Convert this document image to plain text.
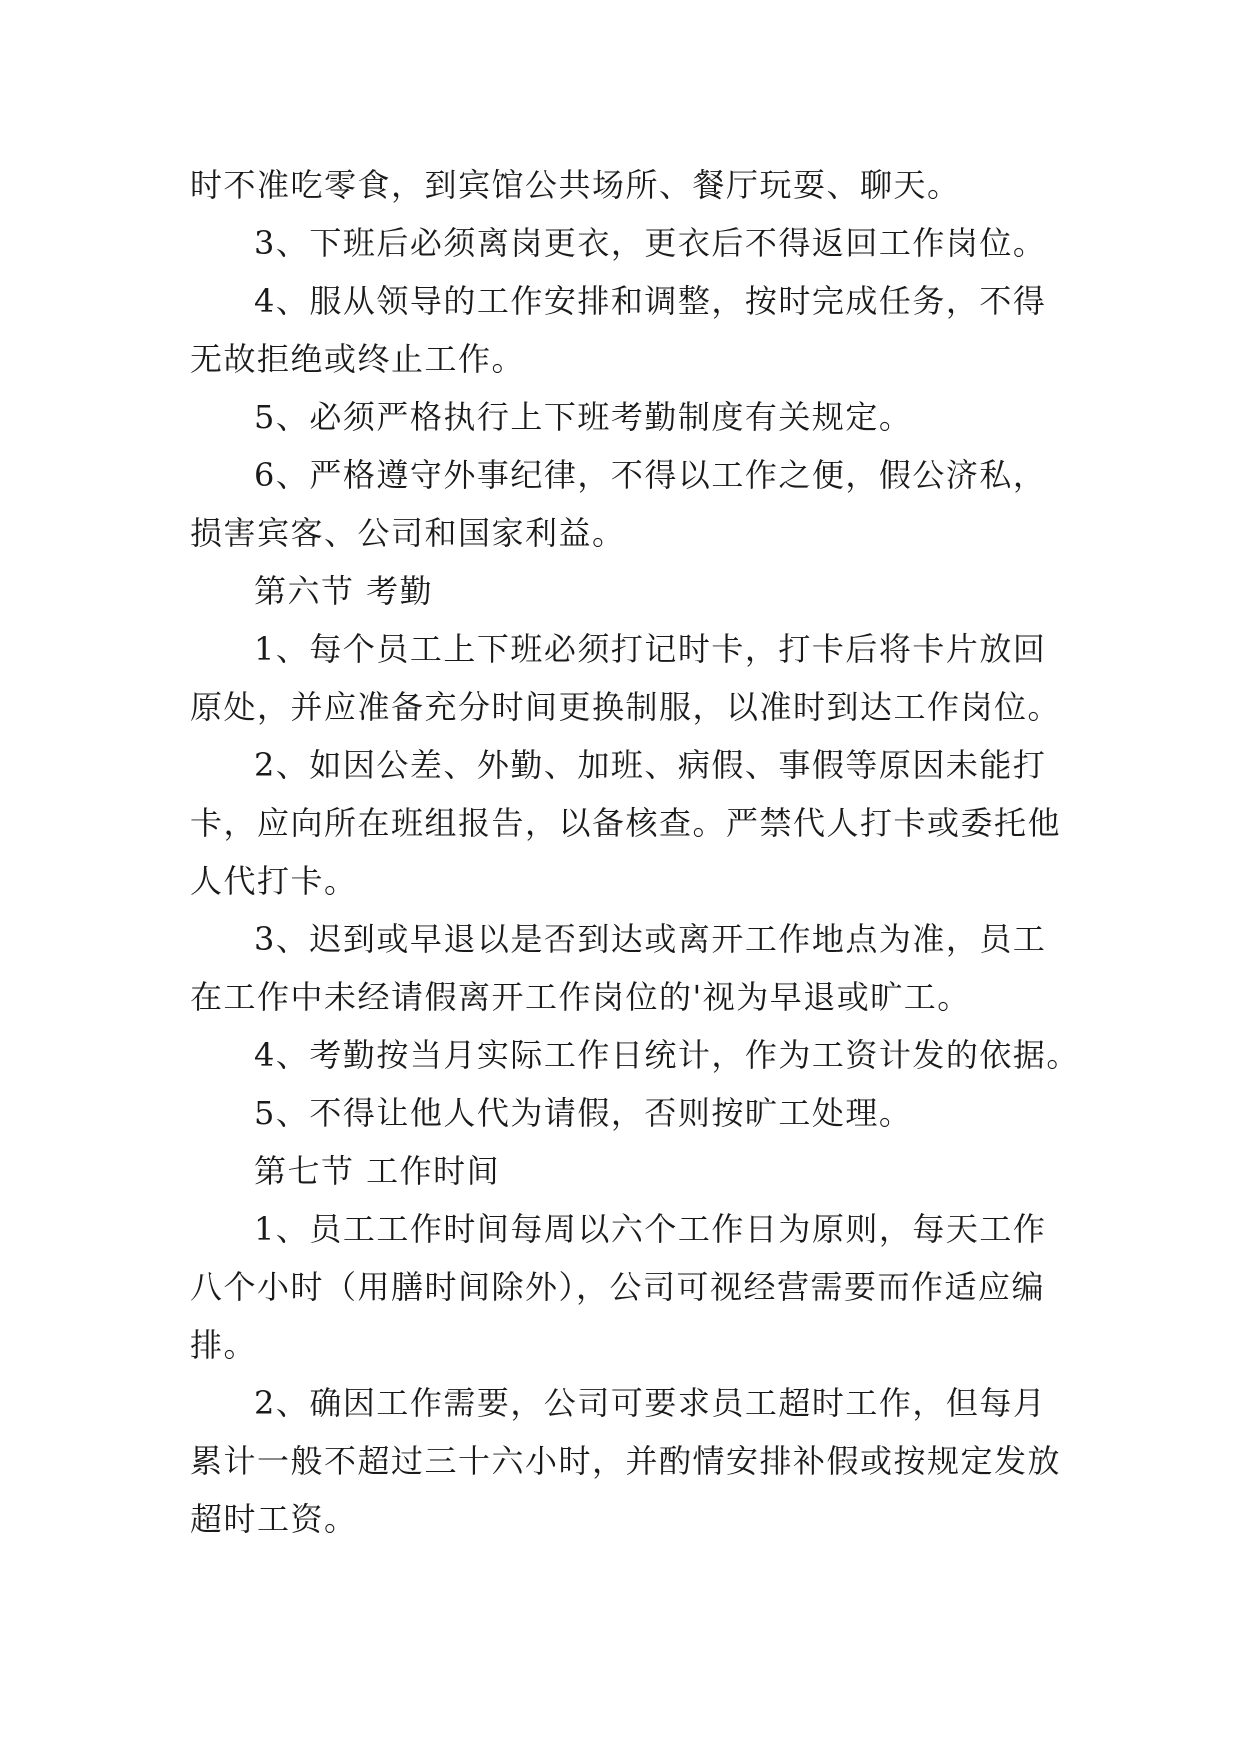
时不准吃零食，到宾馆公共场所、餐厅玩耍、聊天。
3、下班后必须离岗更衣，更衣后不得返回工作岗位。
4、服从领导的工作安排和调整，按时完成任务，不得
无故拒绝或终止工作。
5、必须严格执行上下班考勤制度有关规定。
6、严格遵守外事纪律，不得以工作之便，假公济私，
损害宾客、公司和国家利益。
第六节 考勤
1、每个员工上下班必须打记时卡，打卡后将卡片放回
原处，并应准备充分时间更换制服，以准时到达工作岗位。
2、如因公差、外勤、加班、病假、事假等原因未能打
卡，应向所在班组报告，以备核查。严禁代人打卡或委托他
人代打卡。
3、迟到或早退以是否到达或离开工作地点为准，员工
在工作中未经请假离开工作岗位的'视为早退或旷工。
4、考勤按当月实际工作日统计，作为工资计发的依据。
5、不得让他人代为请假，否则按旷工处理。
第七节 工作时间
1、员工工作时间每周以六个工作日为原则，每天工作
八个小时（用膳时间除外），公司可视经营需要而作适应编
排。
2、确因工作需要，公司可要求员工超时工作，但每月
累计一般不超过三十六小时，并酌情安排补假或按规定发放
超时工资。
